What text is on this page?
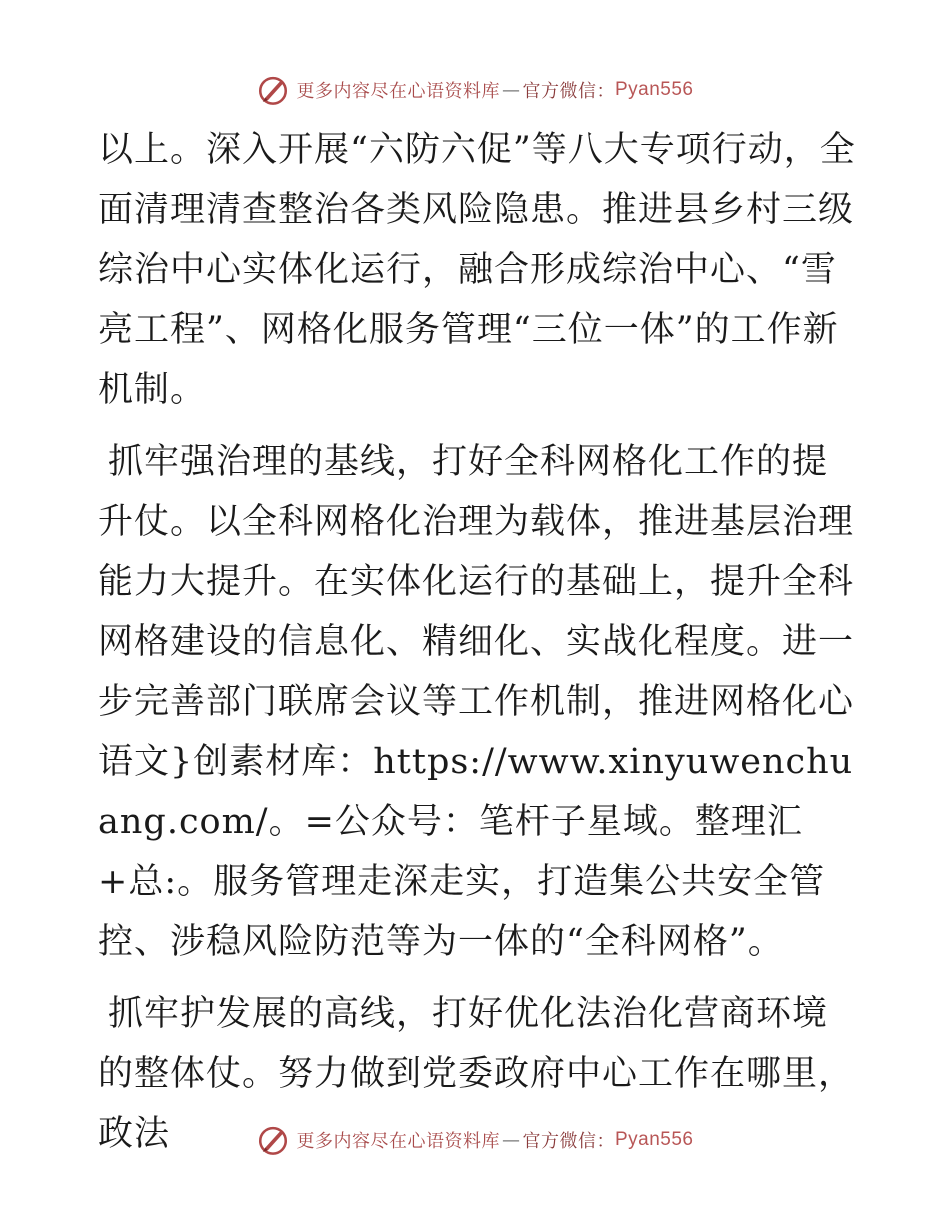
更多内容尽在心语资料库 — 官方微信： Pyan556

以上。深入开展“六防六促”等八大专项行动，全面清理清查整治各类风险隐患。推进县乡村三级综治中心实体化运行，融合形成综治中心、“雪亮工程”、网格化服务管理“三位一体”的工作新机制。

抓牢强治理的基线，打好全科网格化工作的提升仗。以全科网格化治理为载体，推进基层治理能力大提升。在实体化运行的基础上，提升全科网格建设的信息化、精细化、实战化程度。进一步完善部门联席会议等工作机制，推进网格化心语文}创素材库：https://www.xinyuwenchuang.com/。=公众号：笔杆子星域。整理汇+总:。服务管理走深走实，打造集公共安全管控、涉稳风险防范等为一体的“全科网格”。

抓牢护发展的高线，打好优化法治化营商环境的整体仗。努力做到党委政府中心工作在哪里，政法	更多内容尽在心语资料库 — 官方微信： Pyan556
